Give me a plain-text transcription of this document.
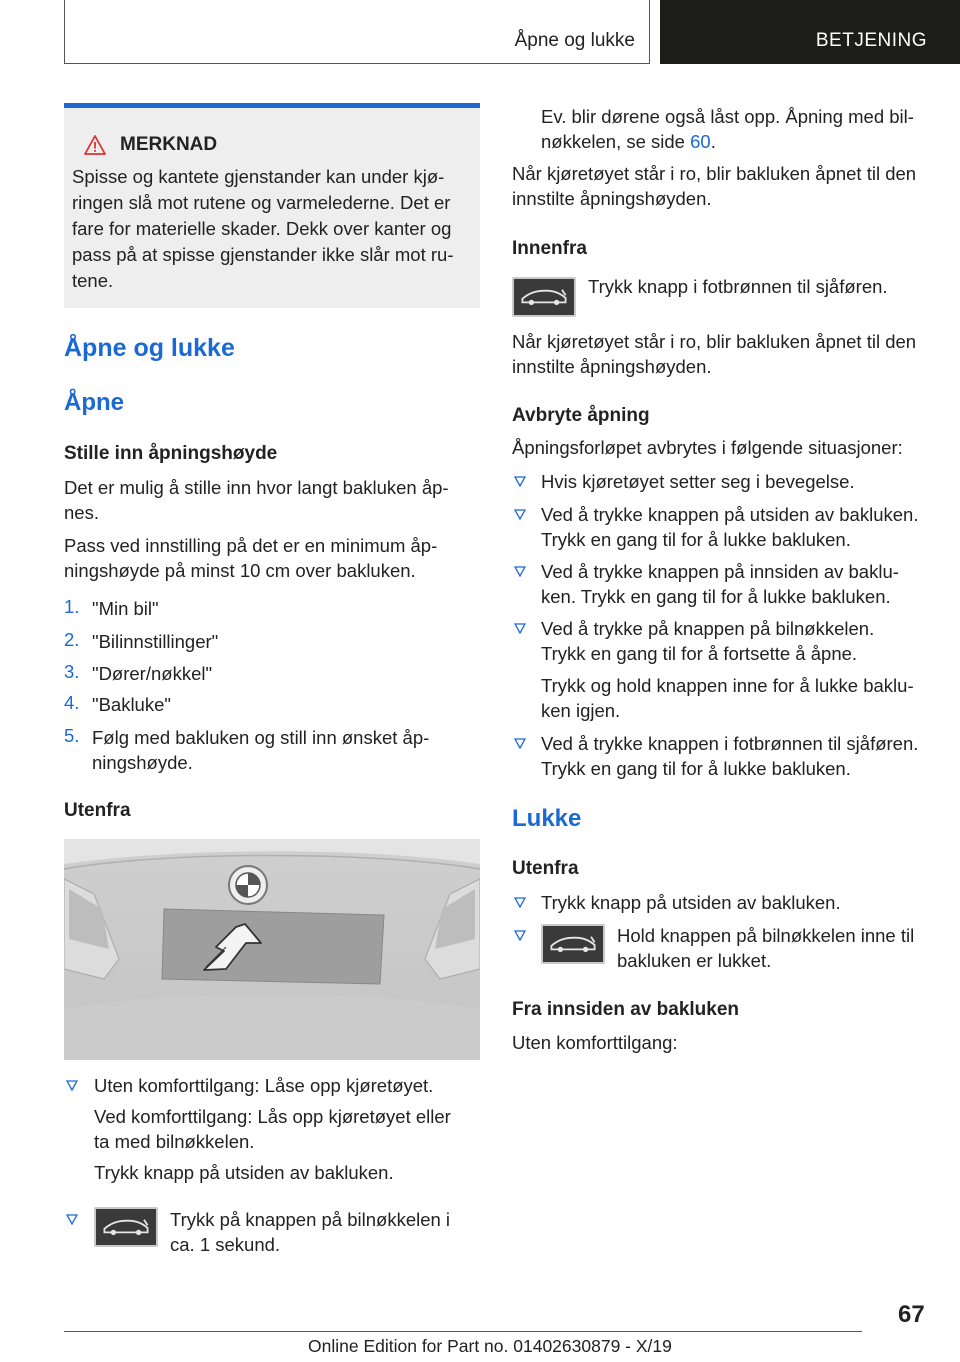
Åpne og lukke	BETJENING
MERKNAD

Spisse og kantete gjenstander kan under kjø-

ringen slå mot rutene og varmelederne. Det er

fare for materielle skader. Dekk over kanter og

pass på at spisse gjenstander ikke slår mot ru-

tene.

Åpne og lukke
Åpne
Stille inn åpningshøyde

Det er mulig å stille inn hvor langt bakluken åp-

nes.

Pass ved innstilling på det er en minimum åp-

ningshøyde på minst 10 cm over bakluken.

1. "Min bil"

2. "Bilinnstillinger"

3. "Dører/nøkkel"

4. "Bakluke"

5. Følg med bakluken og still inn ønsket åp-

ningshøyde.

Utenfra

Uten komforttilgang: Låse opp kjøretøyet.

Ved komforttilgang: Lås opp kjøretøyet eller

ta med bilnøkkelen.

Trykk knapp på utsiden av bakluken.

Trykk på knappen på bilnøkkelen i

ca. 1 sekund.

Ev. blir dørene også låst opp. Åpning med bil-

nøkkelen, se side 60.

Når kjøretøyet står i ro, blir bakluken åpnet til den

innstilte åpningshøyden.

Innenfra

Trykk knapp i fotbrønnen til sjåføren.

Når kjøretøyet står i ro, blir bakluken åpnet til den

innstilte åpningshøyden.

Avbryte åpning

Åpningsforløpet avbrytes i følgende situasjoner:

Hvis kjøretøyet setter seg i bevegelse.

Ved å trykke knappen på utsiden av bakluken.

Trykk en gang til for å lukke bakluken.

Ved å trykke knappen på innsiden av baklu-

ken. Trykk en gang til for å lukke bakluken.

Ved å trykke på knappen på bilnøkkelen.

Trykk en gang til for å fortsette å åpne.

Trykk og hold knappen inne for å lukke baklu-

ken igjen.

Ved å trykke knappen i fotbrønnen til sjåføren.

Trykk en gang til for å lukke bakluken.

Lukke
Utenfra

Trykk knapp på utsiden av bakluken.

Hold knappen på bilnøkkelen inne til

bakluken er lukket.

Fra innsiden av bakluken

Uten komforttilgang:

67
Online Edition for Part no. 01402630879 - X/19
